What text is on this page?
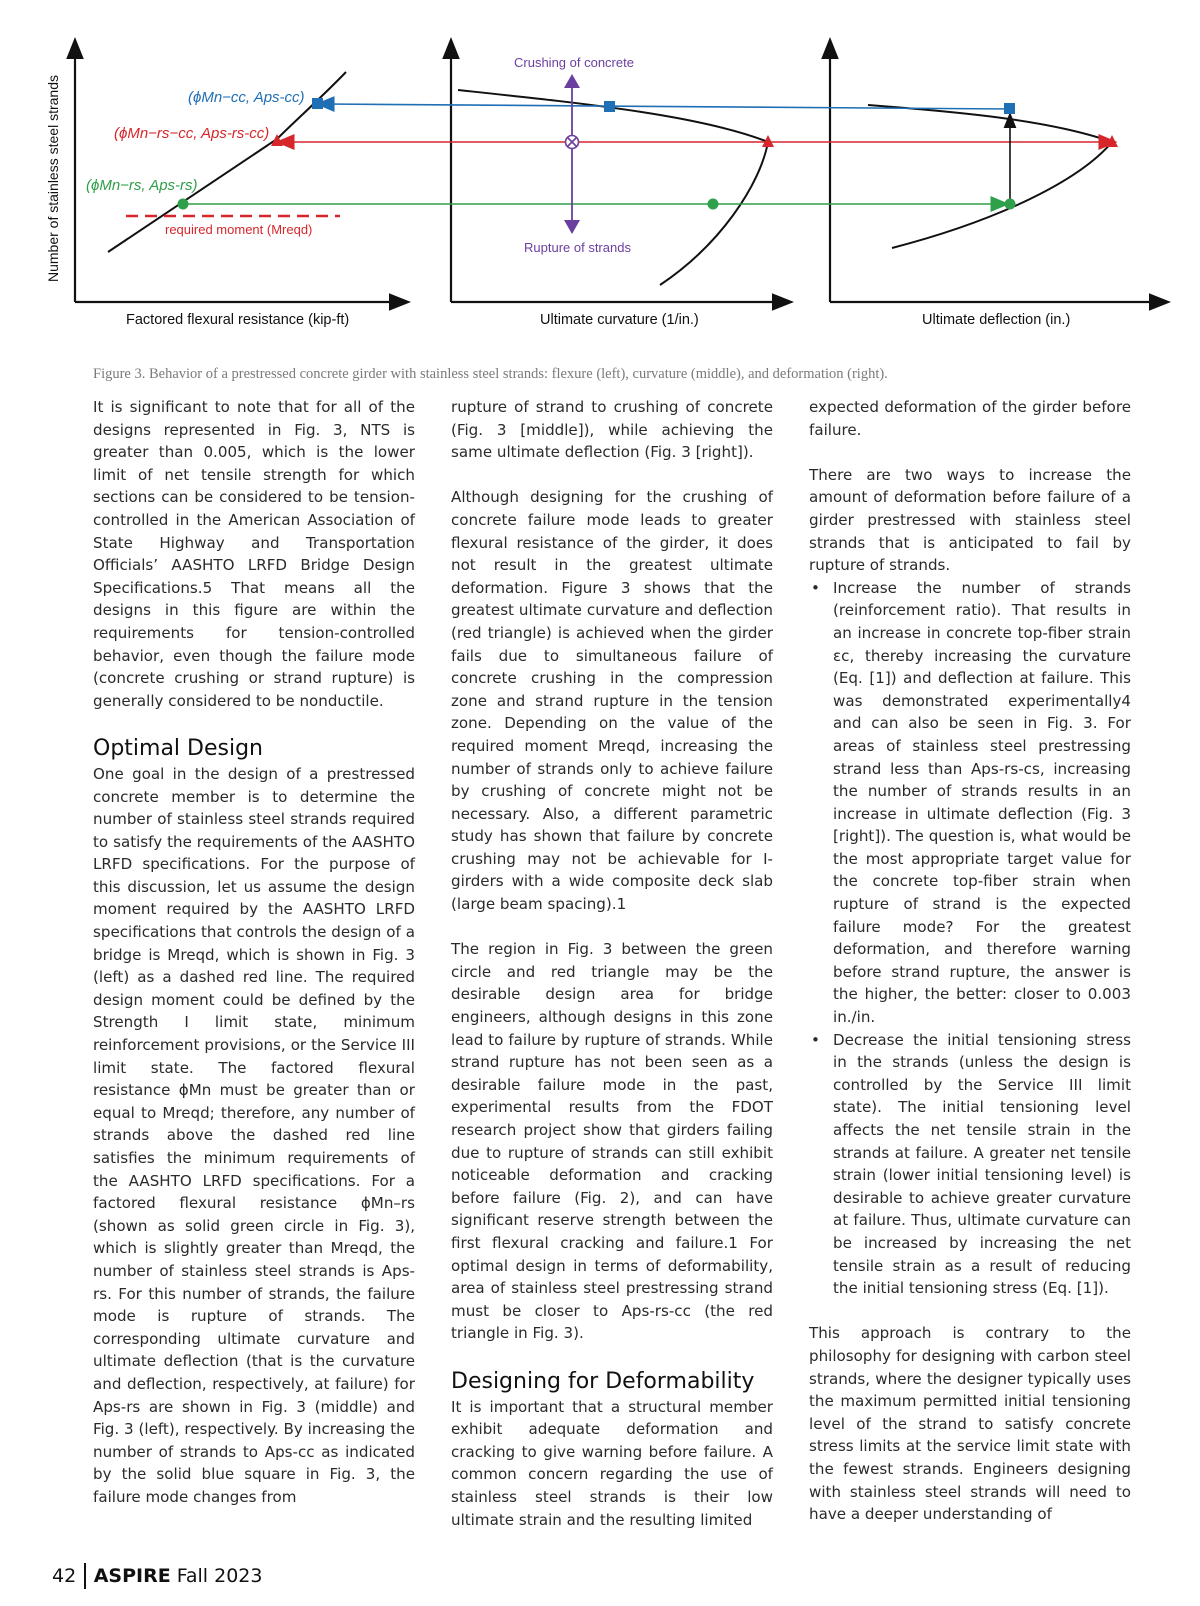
Number of stainless steel strands
Factored flexural resistance (kip-ft)	Ultimate curvature (1/in.)	Ultimate deflection (in.)
(ϕMn−cc, Aps-cc)
(ϕMn−rs−cc, Aps-rs-cc)
(ϕMn−rs, Aps-rs)
required moment (Mreqd)
Crushing of concrete
Rupture of strands
Figure 3. Behavior of a prestressed concrete girder with stainless steel strands: flexure (left), curvature (middle), and deformation (right).

It is significant to note that for all of the designs represented in Fig. 3, NTS is greater than 0.005, which is the lower limit of net tensile strength for which sections can be considered to be tension-controlled in the American Association of State Highway and Transportation Officials’ AASHTO LRFD Bridge Design Specifications.5 That means all the designs in this figure are within the requirements for tension-controlled behavior, even though the failure mode (concrete crushing or strand rupture) is generally considered to be nonductile.

Optimal Design

One goal in the design of a prestressed concrete member is to determine the number of stainless steel strands required to satisfy the requirements of the AASHTO LRFD specifications. For the purpose of this discussion, let us assume the design moment required by the AASHTO LRFD specifications that controls the design of a bridge is Mreqd, which is shown in Fig. 3 (left) as a dashed red line. The required design moment could be defined by the Strength I limit state, minimum reinforcement provisions, or the Service III limit state. The factored flexural resistance ϕMn must be greater than or equal to Mreqd; therefore, any number of strands above the dashed red line satisfies the minimum requirements of the AASHTO LRFD specifications. For a factored flexural resistance ϕMn–rs (shown as solid green circle in Fig. 3), which is slightly greater than Mreqd, the number of stainless steel strands is Aps-rs. For this number of strands, the failure mode is rupture of strands. The corresponding ultimate curvature and ultimate deflection (that is the curvature and deflection, respectively, at failure) for Aps-rs are shown in Fig. 3 (middle) and Fig. 3 (left), respectively. By increasing the number of strands to Aps-cc as indicated by the solid blue square in Fig. 3, the failure mode changes from

rupture of strand to crushing of concrete (Fig. 3 [middle]), while achieving the same ultimate deflection (Fig. 3 [right]).

Although designing for the crushing of concrete failure mode leads to greater flexural resistance of the girder, it does not result in the greatest ultimate deformation. Figure 3 shows that the greatest ultimate curvature and deflection (red triangle) is achieved when the girder fails due to simultaneous failure of concrete crushing in the compression zone and strand rupture in the tension zone. Depending on the value of the required moment Mreqd, increasing the number of strands only to achieve failure by crushing of concrete might not be necessary. Also, a different parametric study has shown that failure by concrete crushing may not be achievable for I-girders with a wide composite deck slab (large beam spacing).1

The region in Fig. 3 between the green circle and red triangle may be the desirable design area for bridge engineers, although designs in this zone lead to failure by rupture of strands. While strand rupture has not been seen as a desirable failure mode in the past, experimental results from the FDOT research project show that girders failing due to rupture of strands can still exhibit noticeable deformation and cracking before failure (Fig. 2), and can have significant reserve strength between the first flexural cracking and failure.1 For optimal design in terms of deformability, area of stainless steel prestressing strand must be closer to Aps-rs-cc (the red triangle in Fig. 3).

Designing for Deformability

It is important that a structural member exhibit adequate deformation and cracking to give warning before failure. A common concern regarding the use of stainless steel strands is their low ultimate strain and the resulting limited

expected deformation of the girder before failure.

There are two ways to increase the amount of deformation before failure of a girder prestressed with stainless steel strands that is anticipated to fail by rupture of strands.

• Increase the number of strands (reinforcement ratio). That results in an increase in concrete top-fiber strain εc, thereby increasing the curvature (Eq. [1]) and deflection at failure. This was demonstrated experimentally4 and can also be seen in Fig. 3. For areas of stainless steel prestressing strand less than Aps-rs-cs, increasing the number of strands results in an increase in ultimate deflection (Fig. 3 [right]). The question is, what would be the most appropriate target value for the concrete top-fiber strain when rupture of strand is the expected failure mode? For the greatest deformation, and therefore warning before strand rupture, the answer is the higher, the better: closer to 0.003 in./in.
• Decrease the initial tensioning stress in the strands (unless the design is controlled by the Service III limit state). The initial tensioning level affects the net tensile strain in the strands at failure. A greater net tensile strain (lower initial tensioning level) is desirable to achieve greater curvature at failure. Thus, ultimate curvature can be increased by increasing the net tensile strain as a result of reducing the initial tensioning stress (Eq. [1]).

This approach is contrary to the philosophy for designing with carbon steel strands, where the designer typically uses the maximum permitted initial tensioning level of the strand to satisfy concrete stress limits at the service limit state with the fewest strands. Engineers designing with stainless steel strands will need to have a deeper understanding of

42 ASPIRE Fall 2023
